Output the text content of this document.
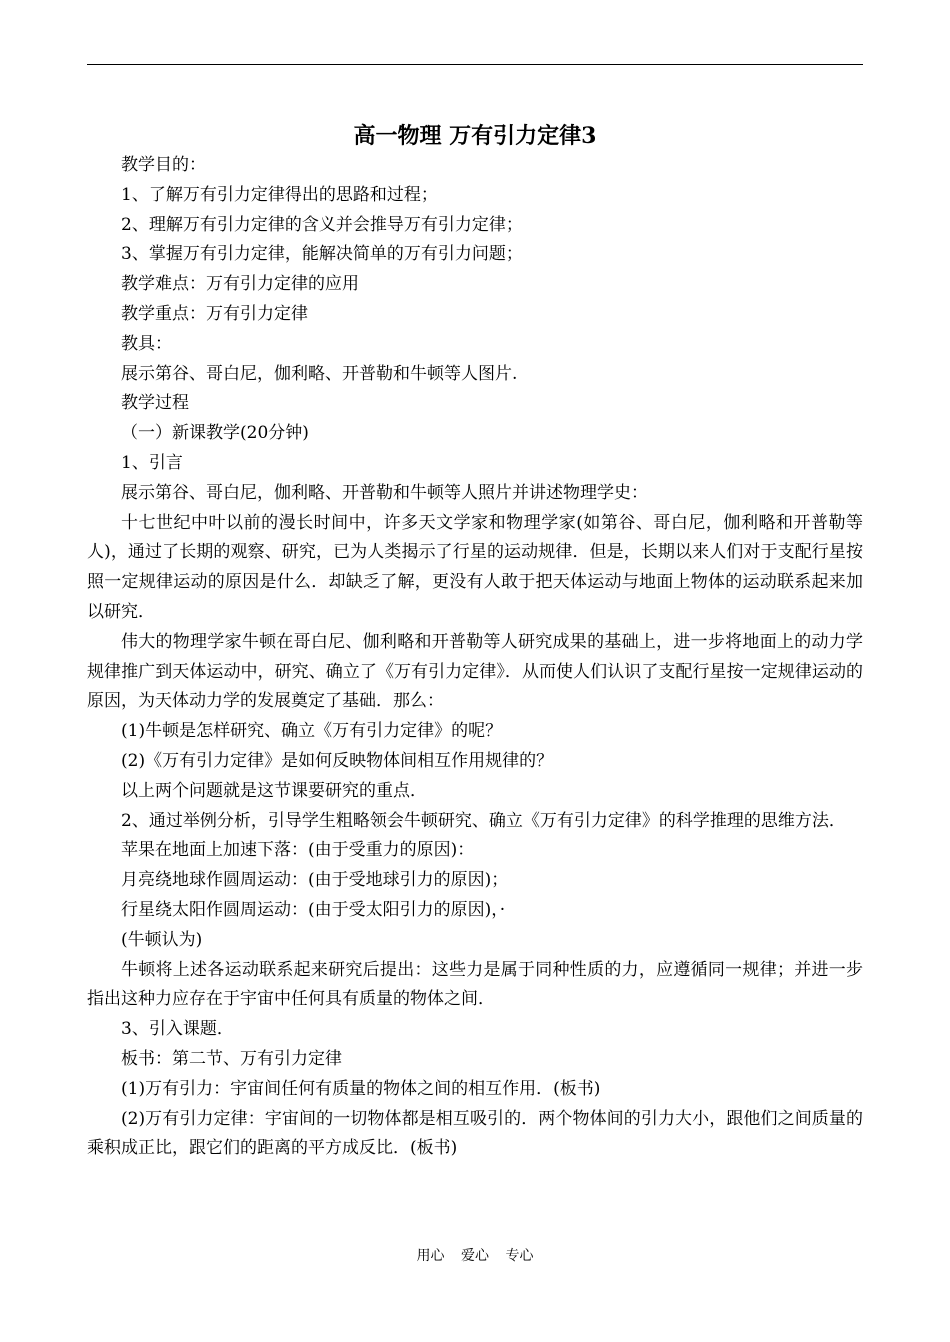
高一物理 万有引力定律3

教学目的：

1、了解万有引力定律得出的思路和过程；

2、理解万有引力定律的含义并会推导万有引力定律；

3、掌握万有引力定律，能解决简单的万有引力问题；

教学难点：万有引力定律的应用

教学重点：万有引力定律

教具：

展示第谷、哥白尼，伽利略、开普勒和牛顿等人图片.

教学过程

（一）新课教学(20分钟)

1、引言

展示第谷、哥白尼，伽利略、开普勒和牛顿等人照片并讲述物理学史：

十七世纪中叶以前的漫长时间中，许多天文学家和物理学家(如第谷、哥白尼，伽利略和开普勒等人)，通过了长期的观察、研究，已为人类揭示了行星的运动规律．但是，长期以来人们对于支配行星按照一定规律运动的原因是什么．却缺乏了解，更没有人敢于把天体运动与地面上物体的运动联系起来加以研究．

伟大的物理学家牛顿在哥白尼、伽利略和开普勒等人研究成果的基础上，进一步将地面上的动力学规律推广到天体运动中，研究、确立了《万有引力定律》．从而使人们认识了支配行星按一定规律运动的原因，为天体动力学的发展奠定了基础．那么：

(1)牛顿是怎样研究、确立《万有引力定律》的呢？

(2)《万有引力定律》是如何反映物体间相互作用规律的？

以上两个问题就是这节课要研究的重点．

2、通过举例分析，引导学生粗略领会牛顿研究、确立《万有引力定律》的科学推理的思维方法．

苹果在地面上加速下落：(由于受重力的原因)：

月亮绕地球作圆周运动：(由于受地球引力的原因)；

行星绕太阳作圆周运动：(由于受太阳引力的原因)，·

(牛顿认为)

牛顿将上述各运动联系起来研究后提出：这些力是属于同种性质的力，应遵循同一规律；并进一步指出这种力应存在于宇宙中任何具有质量的物体之间．

3、引入课题．

板书：第二节、万有引力定律

(1)万有引力：宇宙间任何有质量的物体之间的相互作用．(板书)

(2)万有引力定律：宇宙间的一切物体都是相互吸引的．两个物体间的引力大小，跟他们之间质量的乘积成正比，跟它们的距离的平方成反比．(板书)

用心 爱心 专心
